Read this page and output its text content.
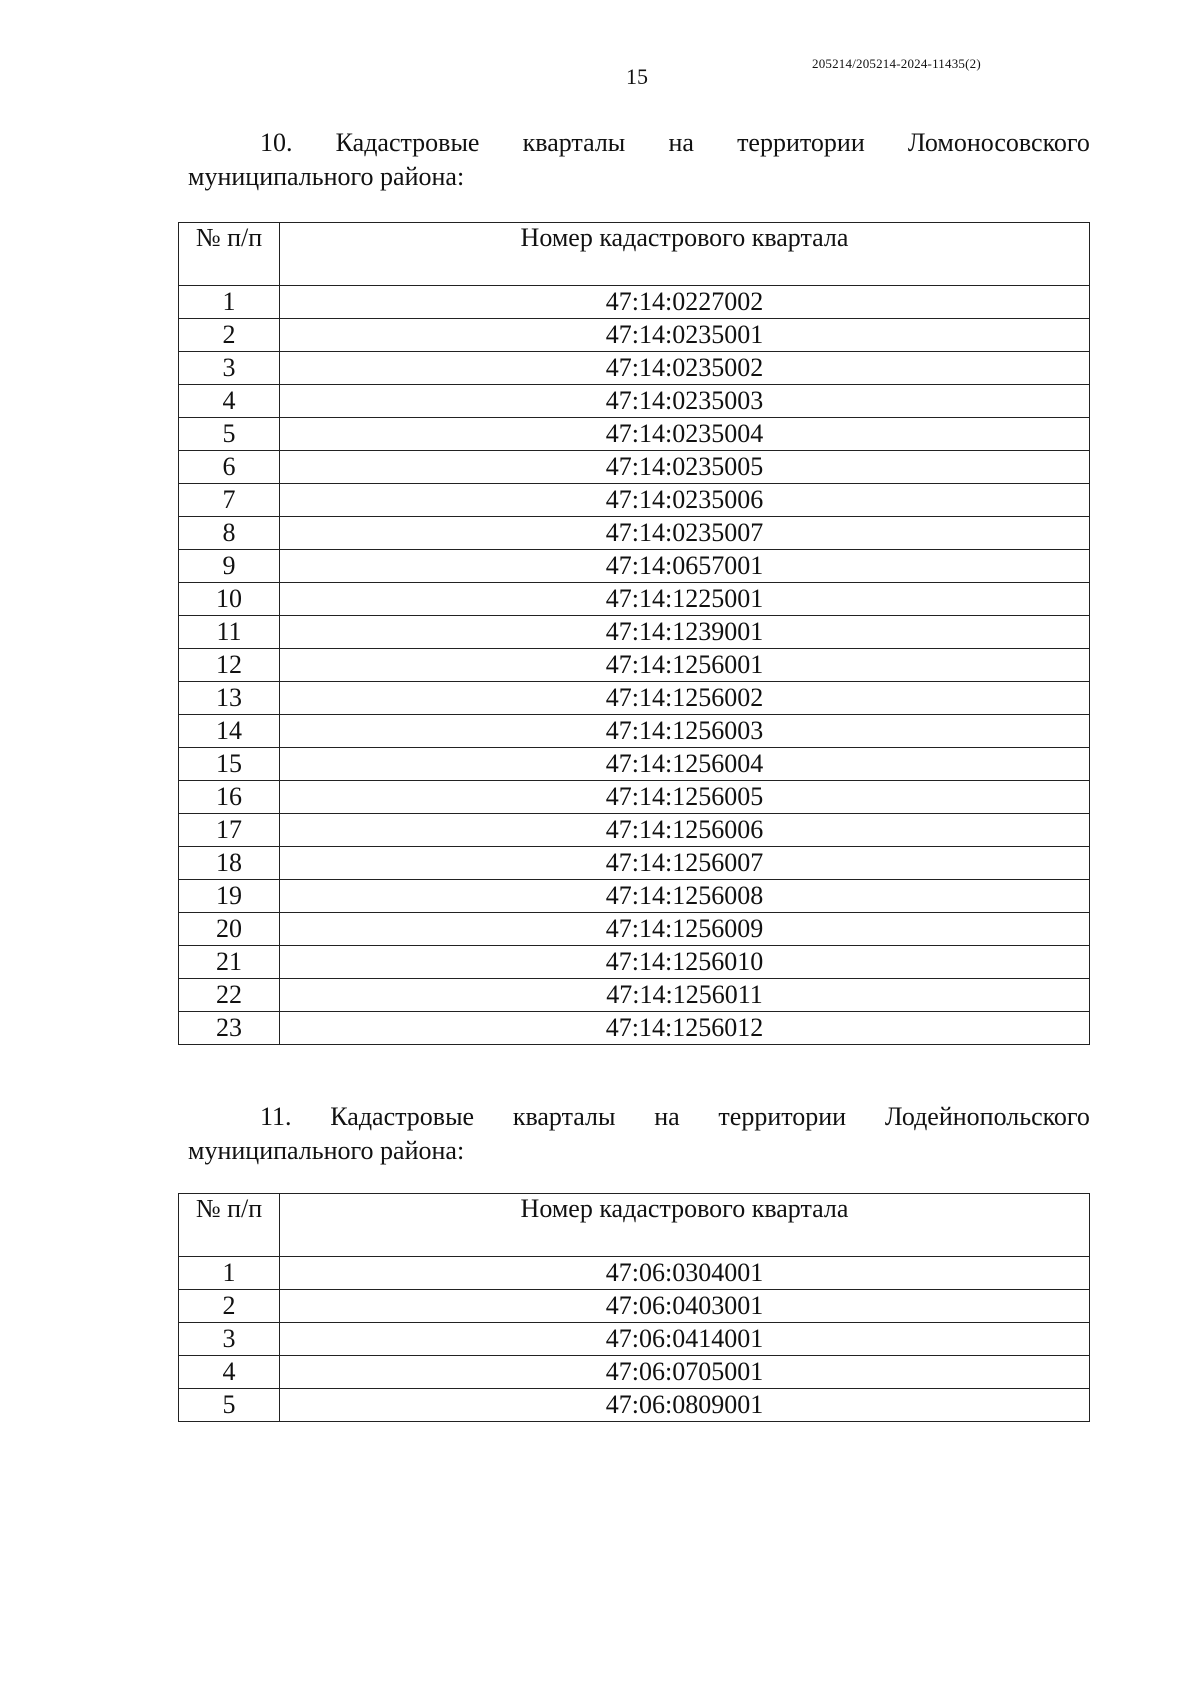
205214/205214-2024-11435(2)
15
10. Кадастровые кварталы на территории Ломоносовского
муниципального района:
№ п/п	Номер кадастрового квартала
1	47:14:0227002
2	47:14:0235001
3	47:14:0235002
4	47:14:0235003
5	47:14:0235004
6	47:14:0235005
7	47:14:0235006
8	47:14:0235007
9	47:14:0657001
10	47:14:1225001
11	47:14:1239001
12	47:14:1256001
13	47:14:1256002
14	47:14:1256003
15	47:14:1256004
16	47:14:1256005
17	47:14:1256006
18	47:14:1256007
19	47:14:1256008
20	47:14:1256009
21	47:14:1256010
22	47:14:1256011
23	47:14:1256012
11. Кадастровые кварталы на территории Лодейнопольского
муниципального района:
№ п/п	Номер кадастрового квартала
1	47:06:0304001
2	47:06:0403001
3	47:06:0414001
4	47:06:0705001
5	47:06:0809001
